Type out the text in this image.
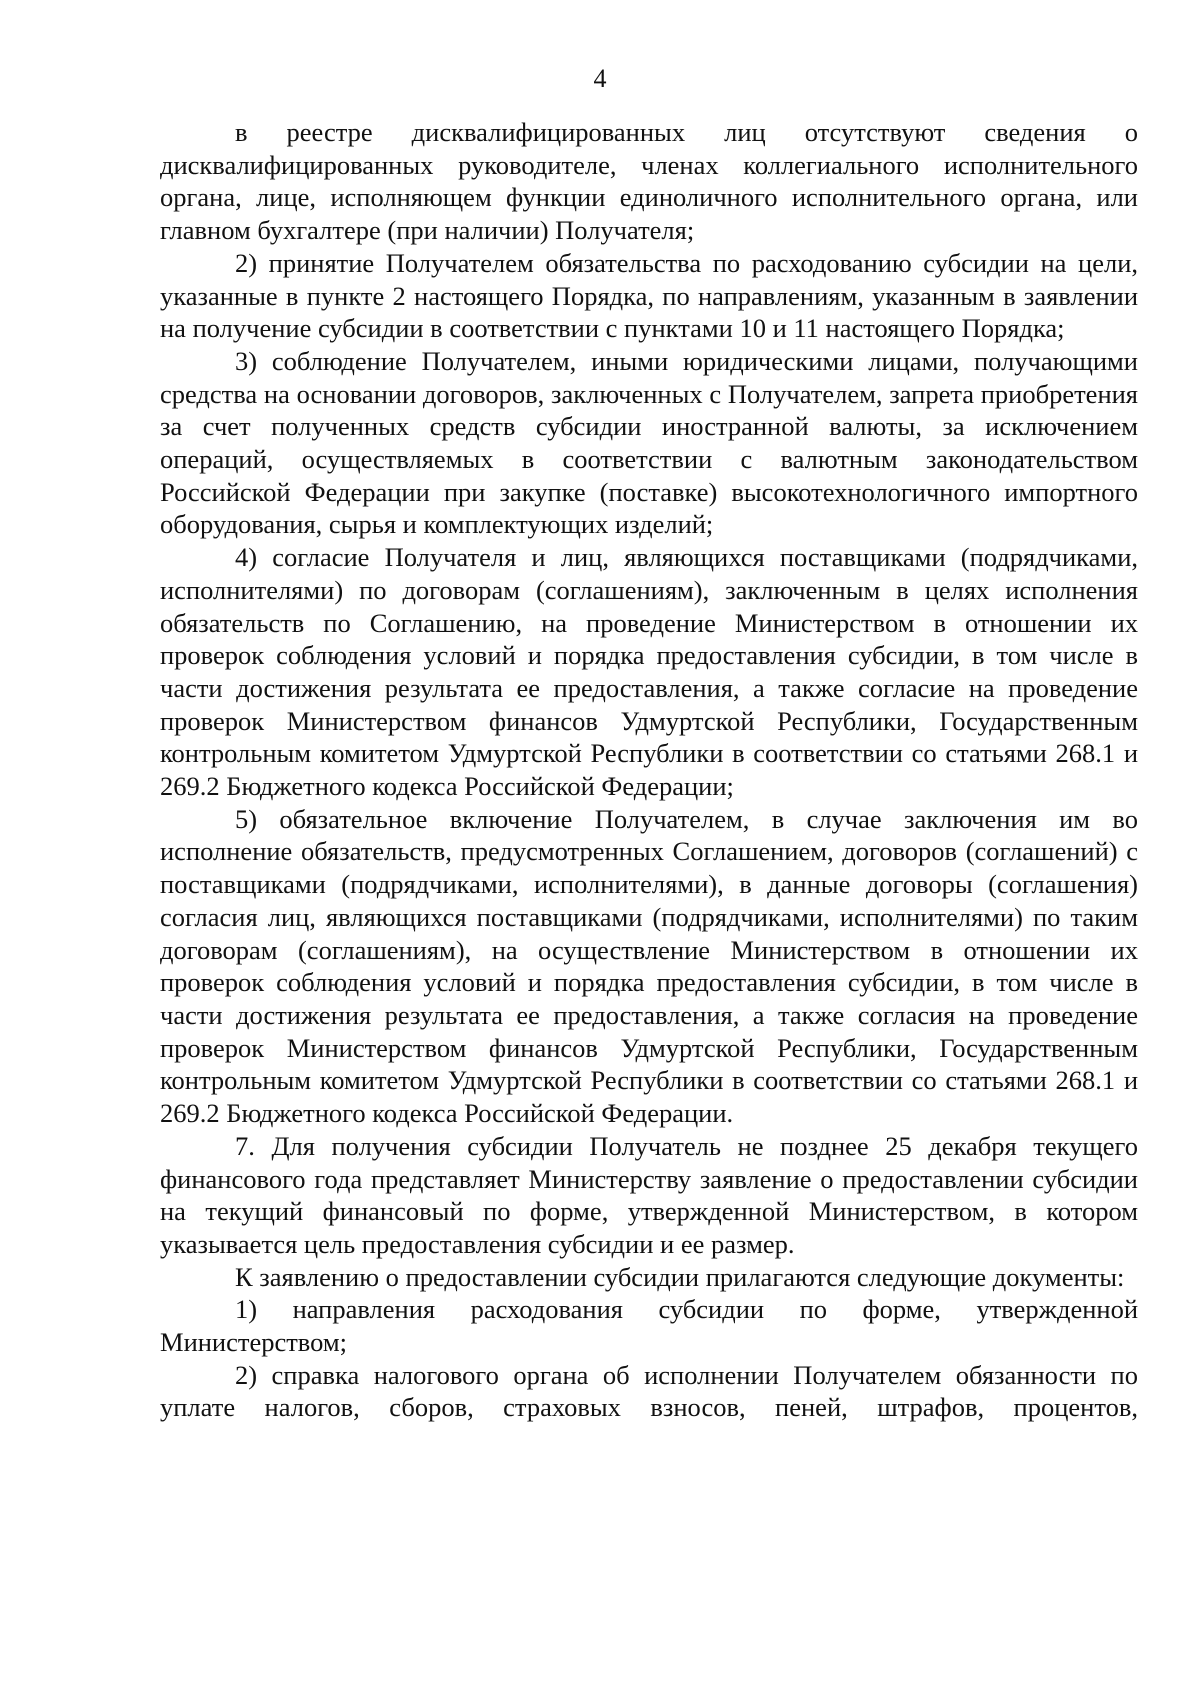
4

в реестре дисквалифицированных лиц отсутствуют сведения о дисквалифицированных руководителе, членах коллегиального исполнительного органа, лице, исполняющем функции единоличного исполнительного органа, или главном бухгалтере (при наличии) Получателя;

2) принятие Получателем обязательства по расходованию субсидии на цели, указанные в пункте 2 настоящего Порядка, по направлениям, указанным в заявлении на получение субсидии в соответствии с пунктами 10 и 11 настоящего Порядка;

3) соблюдение Получателем, иными юридическими лицами, получающими средства на основании договоров, заключенных с Получателем, запрета приобретения за счет полученных средств субсидии иностранной валюты, за исключением операций, осуществляемых в соответствии с валютным законодательством Российской Федерации при закупке (поставке) высокотехнологичного импортного оборудования, сырья и комплектующих изделий;

4) согласие Получателя и лиц, являющихся поставщиками (подрядчиками, исполнителями) по договорам (соглашениям), заключенным в целях исполнения обязательств по Соглашению, на проведение Министерством в отношении их проверок соблюдения условий и порядка предоставления субсидии, в том числе в части достижения результата ее предоставления, а также согласие на проведение проверок Министерством финансов Удмуртской Республики, Государственным контрольным комитетом Удмуртской Республики в соответствии со статьями 268.1 и 269.2 Бюджетного кодекса Российской Федерации;

5) обязательное включение Получателем, в случае заключения им во исполнение обязательств, предусмотренных Соглашением, договоров (соглашений) с поставщиками (подрядчиками, исполнителями), в данные договоры (соглашения) согласия лиц, являющихся поставщиками (подрядчиками, исполнителями) по таким договорам (соглашениям), на осуществление Министерством в отношении их проверок соблюдения условий и порядка предоставления субсидии, в том числе в части достижения результата ее предоставления, а также согласия на проведение проверок Министерством финансов Удмуртской Республики, Государственным контрольным комитетом Удмуртской Республики в соответствии со статьями 268.1 и 269.2 Бюджетного кодекса Российской Федерации.

7. Для получения субсидии Получатель не позднее 25 декабря текущего финансового года представляет Министерству заявление о предоставлении субсидии на текущий финансовый по форме, утвержденной Министерством, в котором указывается цель предоставления субсидии и ее размер.

К заявлению о предоставлении субсидии прилагаются следующие документы:

1) направления расходования субсидии по форме, утвержденной Министерством;

2) справка налогового органа об исполнении Получателем обязанности по уплате налогов, сборов, страховых взносов, пеней, штрафов, процентов,
